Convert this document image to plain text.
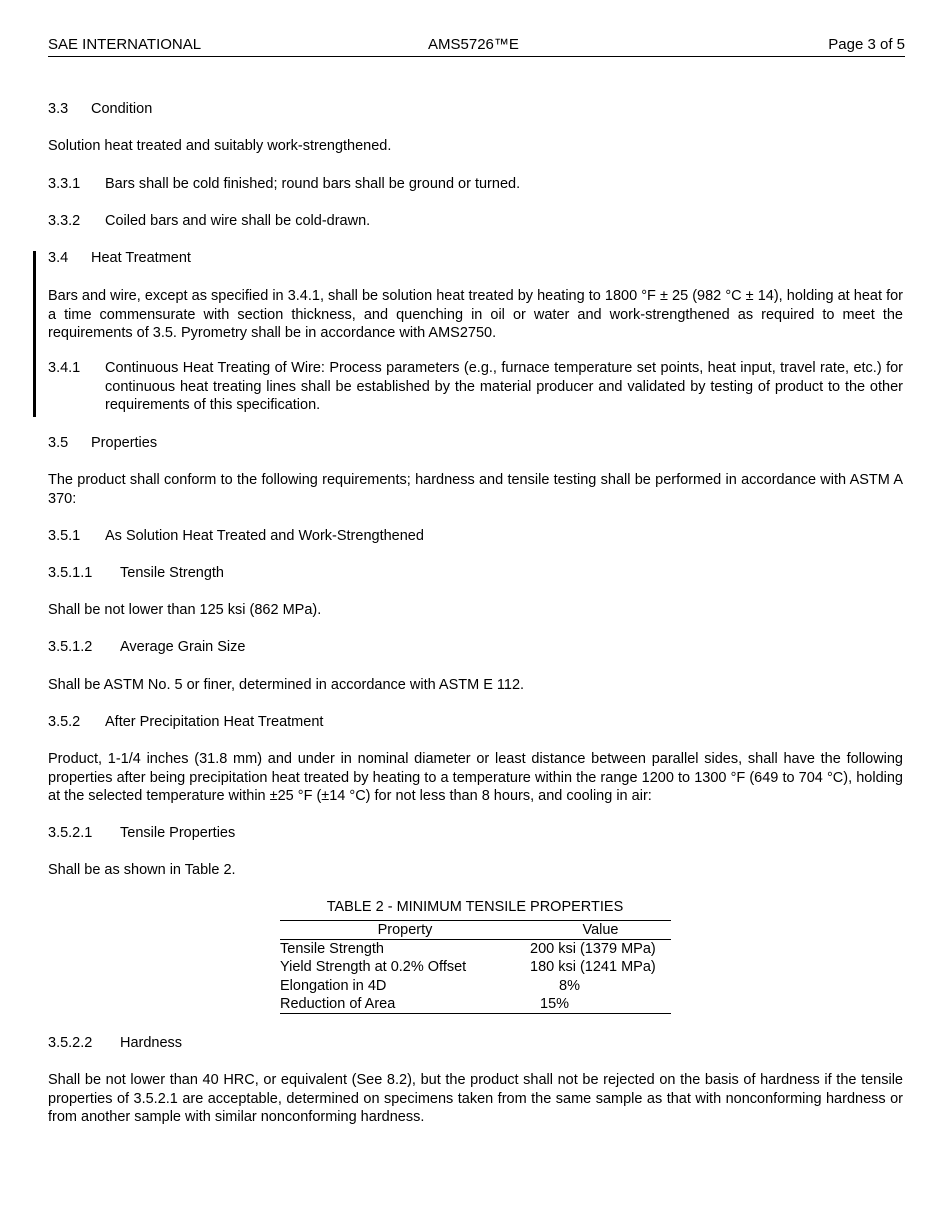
SAE INTERNATIONAL	AMS5726™E	Page 3 of 5
3.3 Condition
Solution heat treated and suitably work-strengthened.
3.3.1 Bars shall be cold finished; round bars shall be ground or turned.
3.3.2 Coiled bars and wire shall be cold-drawn.
3.4 Heat Treatment
Bars and wire, except as specified in 3.4.1, shall be solution heat treated by heating to 1800 °F ± 25 (982 °C ± 14), holding at heat for a time commensurate with section thickness, and quenching in oil or water and work-strengthened as required to meet the requirements of 3.5. Pyrometry shall be in accordance with AMS2750.
3.4.1 Continuous Heat Treating of Wire: Process parameters (e.g., furnace temperature set points, heat input, travel rate, etc.) for continuous heat treating lines shall be established by the material producer and validated by testing of product to the other requirements of this specification.
3.5 Properties
The product shall conform to the following requirements; hardness and tensile testing shall be performed in accordance with ASTM A 370:
3.5.1 As Solution Heat Treated and Work-Strengthened
3.5.1.1 Tensile Strength
Shall be not lower than 125 ksi (862 MPa).
3.5.1.2 Average Grain Size
Shall be ASTM No. 5 or finer, determined in accordance with ASTM E 112.
3.5.2 After Precipitation Heat Treatment
Product, 1-1/4 inches (31.8 mm) and under in nominal diameter or least distance between parallel sides, shall have the following properties after being precipitation heat treated by heating to a temperature within the range 1200 to 1300 °F (649 to 704 °C), holding at the selected temperature within ±25 °F (±14 °C) for not less than 8 hours, and cooling in air:
3.5.2.1 Tensile Properties
Shall be as shown in Table 2.
TABLE 2 - MINIMUM TENSILE PROPERTIES
Property	Value
Tensile Strength	200 ksi (1379 MPa)
Yield Strength at 0.2% Offset	180 ksi (1241 MPa)
Elongation in 4D	8%
Reduction of Area	15%
3.5.2.2 Hardness
Shall be not lower than 40 HRC, or equivalent (See 8.2), but the product shall not be rejected on the basis of hardness if the tensile properties of 3.5.2.1 are acceptable, determined on specimens taken from the same sample as that with nonconforming hardness or from another sample with similar nonconforming hardness.
